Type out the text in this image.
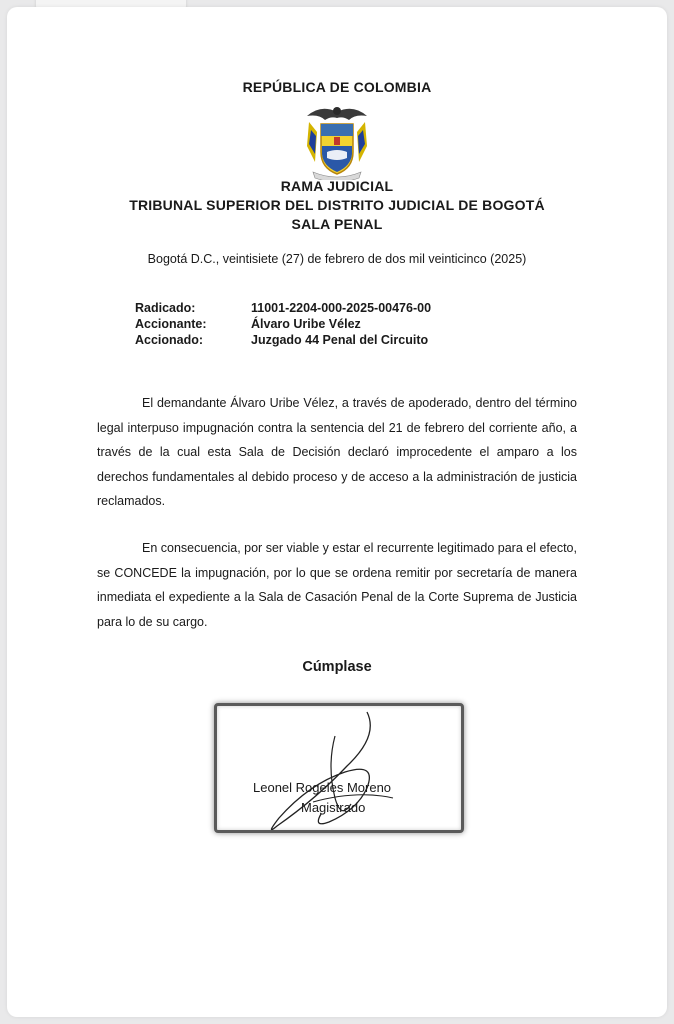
REPÚBLICA DE COLOMBIA
RAMA JUDICIAL
TRIBUNAL SUPERIOR DEL DISTRITO JUDICIAL DE BOGOTÁ
SALA PENAL
Bogotá D.C., veintisiete (27) de febrero de dos mil veinticinco (2025)
Radicado:	11001-2204-000-2025-00476-00
Accionante:	Álvaro Uribe Vélez
Accionado:	Juzgado 44 Penal del Circuito
El demandante Álvaro Uribe Vélez, a través de apoderado, dentro del término legal interpuso impugnación contra la sentencia del 21 de febrero del corriente año, a través de la cual esta Sala de Decisión declaró improcedente el amparo a los derechos fundamentales al debido proceso y de acceso a la administración de justicia reclamados.
En consecuencia, por ser viable y estar el recurrente legitimado para el efecto, se CONCEDE la impugnación, por lo que se ordena remitir por secretaría de manera inmediata el expediente a la Sala de Casación Penal de la Corte Suprema de Justicia para lo de su cargo.
Cúmplase
Leonel Rogeles Moreno
Magistrado
